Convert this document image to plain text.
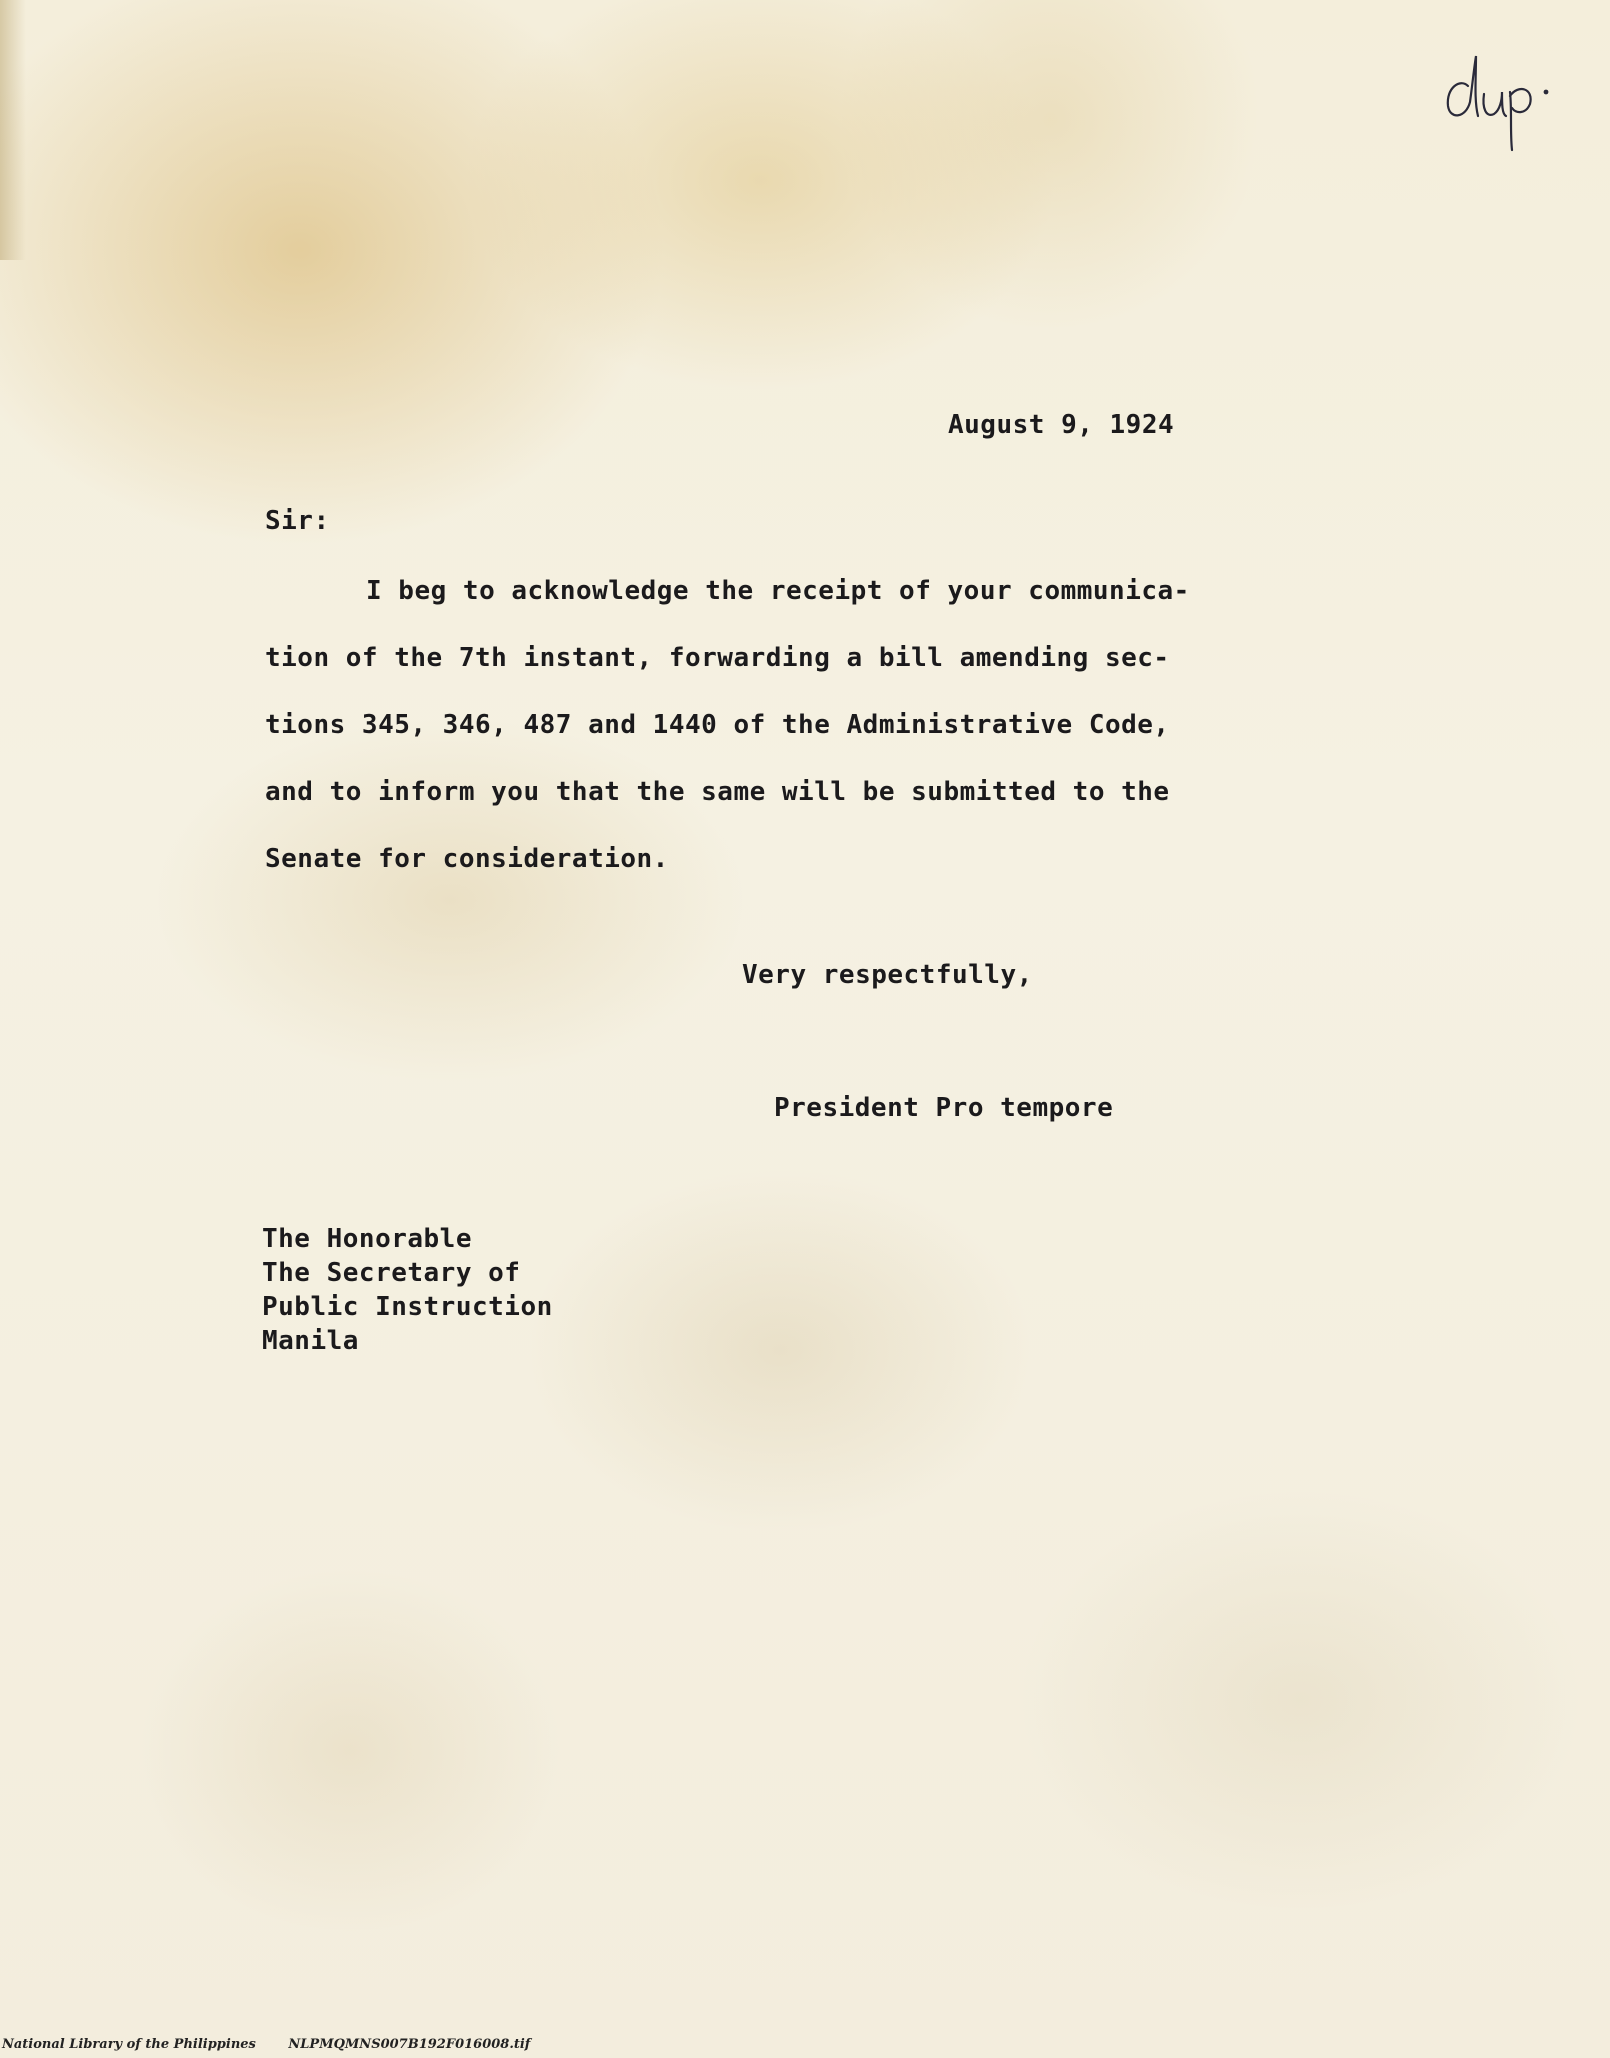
August 9, 1924
Sir:
I beg to acknowledge the receipt of your communica-
tion of the 7th instant, forwarding a bill amending sec-
tions 345, 346, 487 and 1440 of the Administrative Code,
and to inform you that the same will be submitted to the
Senate for consideration.
Very respectfully,
President Pro tempore
The Honorable
The Secretary of
Public Instruction
Manila
National Library of the Philippines	NLPMQMNS007B192F016008.tif
